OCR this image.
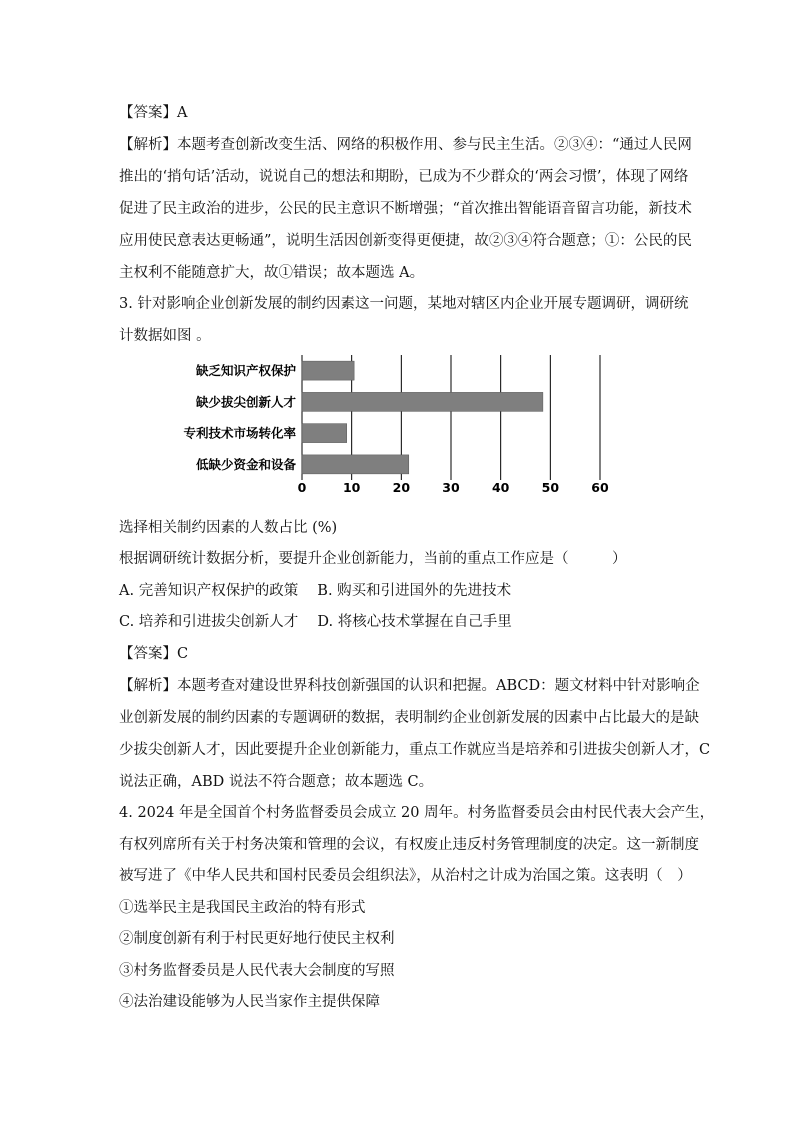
【答案】A
【解析】本题考查创新改变生活、网络的积极作用、参与民主生活。②③④：“通过人民网
推出的‘捎句话’活动，说说自己的想法和期盼，已成为不少群众的‘两会习惯’，体现了网络
促进了民主政治的进步，公民的民主意识不断增强；“首次推出智能语音留言功能，新技术
应用使民意表达更畅通”，说明生活因创新变得更便捷，故②③④符合题意；①：公民的民
主权利不能随意扩大，故①错误；故本题选 A。
3. 针对影响企业创新发展的制约因素这一问题，某地对辖区内企业开展专题调研，调研统
计数据如图 。
缺乏知识产权保护
缺少拔尖创新人才
专利技术市场转化率
低缺少资金和设备
0	10	20	30	40	50	60
选择相关制约因素的人数占比 (%)
根据调研统计数据分析，要提升企业创新能力，当前的重点工作应是（　　　）
A. 完善知识产权保护的政策　 B. 购买和引进国外的先进技术
C. 培养和引进拔尖创新人才　 D. 将核心技术掌握在自己手里
【答案】C
【解析】本题考查对建设世界科技创新强国的认识和把握。ABCD：题文材料中针对影响企
业创新发展的制约因素的专题调研的数据，表明制约企业创新发展的因素中占比最大的是缺
少拔尖创新人才，因此要提升企业创新能力，重点工作就应当是培养和引进拔尖创新人才，C
说法正确，ABD 说法不符合题意；故本题选 C。
4. 2024 年是全国首个村务监督委员会成立 20 周年。村务监督委员会由村民代表大会产生，
有权列席所有关于村务决策和管理的会议，有权废止违反村务管理制度的决定。这一新制度
被写进了《中华人民共和国村民委员会组织法》，从治村之计成为治国之策。这表明（　）
①选举民主是我国民主政治的特有形式
②制度创新有利于村民更好地行使民主权利
③村务监督委员是人民代表大会制度的写照
④法治建设能够为人民当家作主提供保障
